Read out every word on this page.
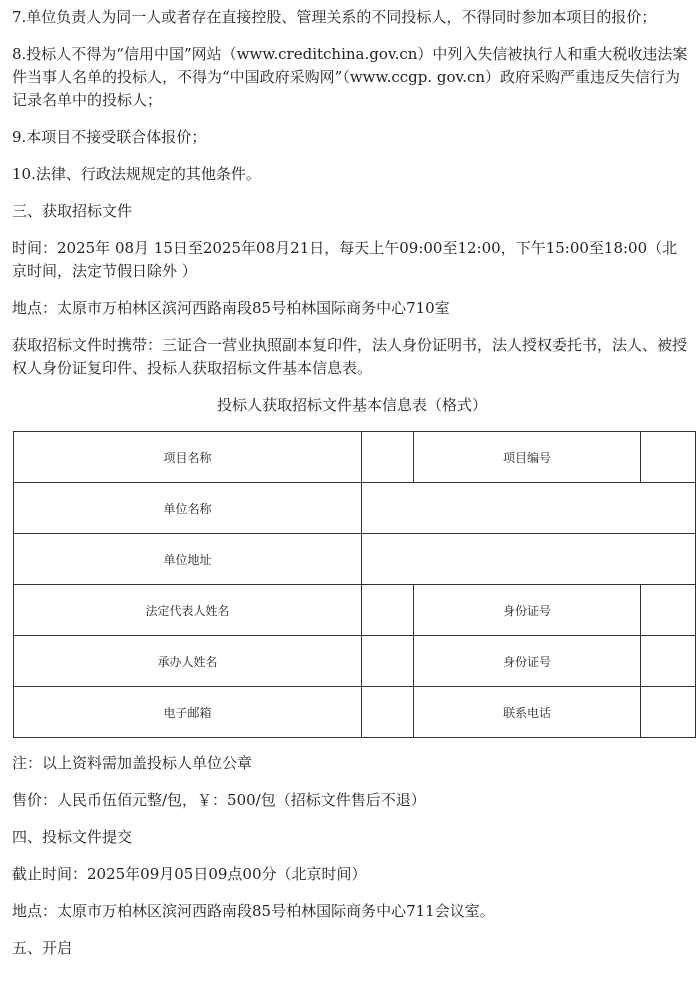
7.单位负责人为同一人或者存在直接控股、管理关系的不同投标人，不得同时参加本项目的报价；

8.投标人不得为“信用中国”网站（www.creditchina.gov.cn）中列入失信被执行人和重大税收违法案件当事人名单的投标人，不得为“中国政府采购网”（www.ccgp. gov.cn）政府采购严重违反失信行为记录名单中的投标人；

9.本项目不接受联合体报价；

10.法律、行政法规规定的其他条件。

三、获取招标文件

时间：2025年 08月 15日至2025年08月21日，每天上午09:00至12:00，下午15:00至18:00（北京时间，法定节假日除外 ）

地点：太原市万柏林区滨河西路南段85号柏林国际商务中心710室

获取招标文件时携带：三证合一营业执照副本复印件，法人身份证明书，法人授权委托书，法人、被授权人身份证复印件、投标人获取招标文件基本信息表。

投标人获取招标文件基本信息表（格式）

项目名称		项目编号	
单位名称			
单位地址			
法定代表人姓名		身份证号	
承办人姓名		身份证号	
电子邮箱		联系电话	

注：以上资料需加盖投标人单位公章

售价：人民币伍佰元整/包，￥：500/包（招标文件售后不退）

四、投标文件提交

截止时间：2025年09月05日09点00分（北京时间）

地点：太原市万柏林区滨河西路南段85号柏林国际商务中心711会议室。

五、开启
